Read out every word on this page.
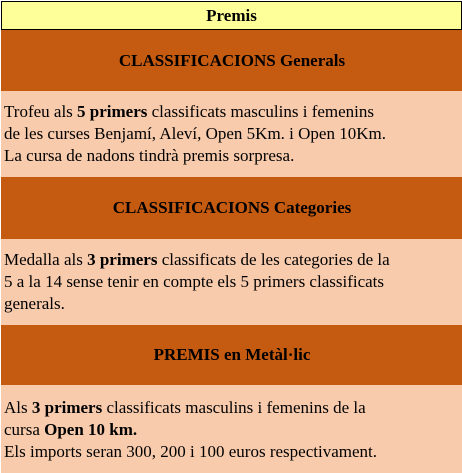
Premis
CLASSIFICACIONS Generals
Trofeu als 5 primers classificats masculins i femenins
de les curses Benjamí, Aleví, Open 5Km. i Open 10Km.
La cursa de nadons tindrà premis sorpresa.
CLASSIFICACIONS Categories
Medalla als 3 primers classificats de les categories de la
5 a la 14 sense tenir en compte els 5 primers classificats
generals.
PREMIS en Metàl·lic
Als 3 primers classificats masculins i femenins de la
cursa Open 10 km.
Els imports seran 300, 200 i 100 euros respectivament.
